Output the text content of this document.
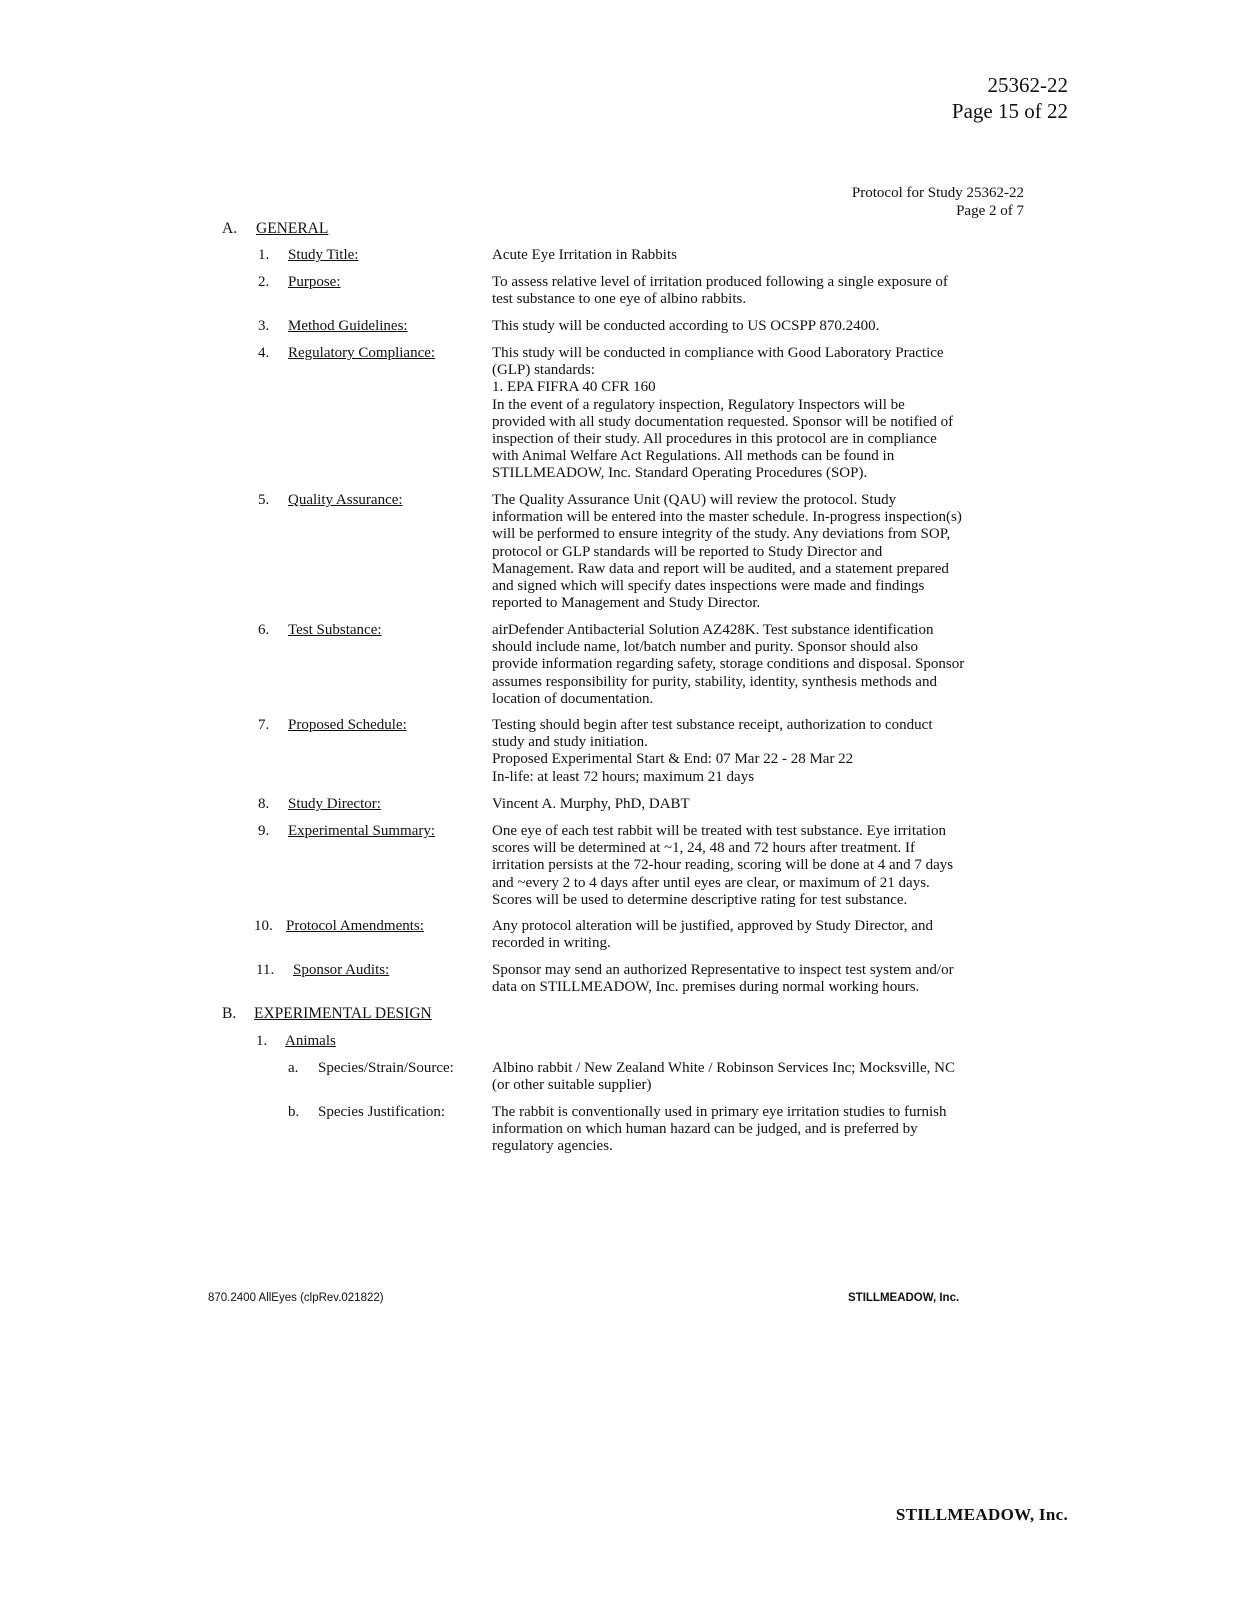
25362-22
Page 15 of 22
Protocol for Study 25362-22
Page 2 of 7
A. GENERAL
1. Study Title:	Acute Eye Irritation in Rabbits
2. Purpose:	To assess relative level of irritation produced following a single exposure of
test substance to one eye of albino rabbits.
3. Method Guidelines:	This study will be conducted according to US OCSPP 870.2400.
4. Regulatory Compliance:	This study will be conducted in compliance with Good Laboratory Practice
(GLP) standards:
1. EPA FIFRA 40 CFR 160
In the event of a regulatory inspection, Regulatory Inspectors will be
provided with all study documentation requested. Sponsor will be notified of
inspection of their study. All procedures in this protocol are in compliance
with Animal Welfare Act Regulations. All methods can be found in
STILLMEADOW, Inc. Standard Operating Procedures (SOP).
5. Quality Assurance:	The Quality Assurance Unit (QAU) will review the protocol. Study
information will be entered into the master schedule. In-progress inspection(s)
will be performed to ensure integrity of the study. Any deviations from SOP,
protocol or GLP standards will be reported to Study Director and
Management. Raw data and report will be audited, and a statement prepared
and signed which will specify dates inspections were made and findings
reported to Management and Study Director.
6. Test Substance:	airDefender Antibacterial Solution AZ428K. Test substance identification
should include name, lot/batch number and purity. Sponsor should also
provide information regarding safety, storage conditions and disposal. Sponsor
assumes responsibility for purity, stability, identity, synthesis methods and
location of documentation.
7. Proposed Schedule:	Testing should begin after test substance receipt, authorization to conduct
study and study initiation.
Proposed Experimental Start & End: 07 Mar 22 - 28 Mar 22
In-life: at least 72 hours; maximum 21 days
8. Study Director:	Vincent A. Murphy, PhD, DABT
9. Experimental Summary:	One eye of each test rabbit will be treated with test substance. Eye irritation
scores will be determined at ~1, 24, 48 and 72 hours after treatment. If
irritation persists at the 72-hour reading, scoring will be done at 4 and 7 days
and ~every 2 to 4 days after until eyes are clear, or maximum of 21 days.
Scores will be used to determine descriptive rating for test substance.
10. Protocol Amendments:	Any protocol alteration will be justified, approved by Study Director, and
recorded in writing.
11. Sponsor Audits:	Sponsor may send an authorized Representative to inspect test system and/or
data on STILLMEADOW, Inc. premises during normal working hours.
B. EXPERIMENTAL DESIGN
1. Animals
a. Species/Strain/Source:	Albino rabbit / New Zealand White / Robinson Services Inc; Mocksville, NC
(or other suitable supplier)
b. Species Justification:	The rabbit is conventionally used in primary eye irritation studies to furnish
information on which human hazard can be judged, and is preferred by
regulatory agencies.
870.2400 AllEyes (clpRev.021822)	STILLMEADOW, Inc.
STILLMEADOW, Inc.
